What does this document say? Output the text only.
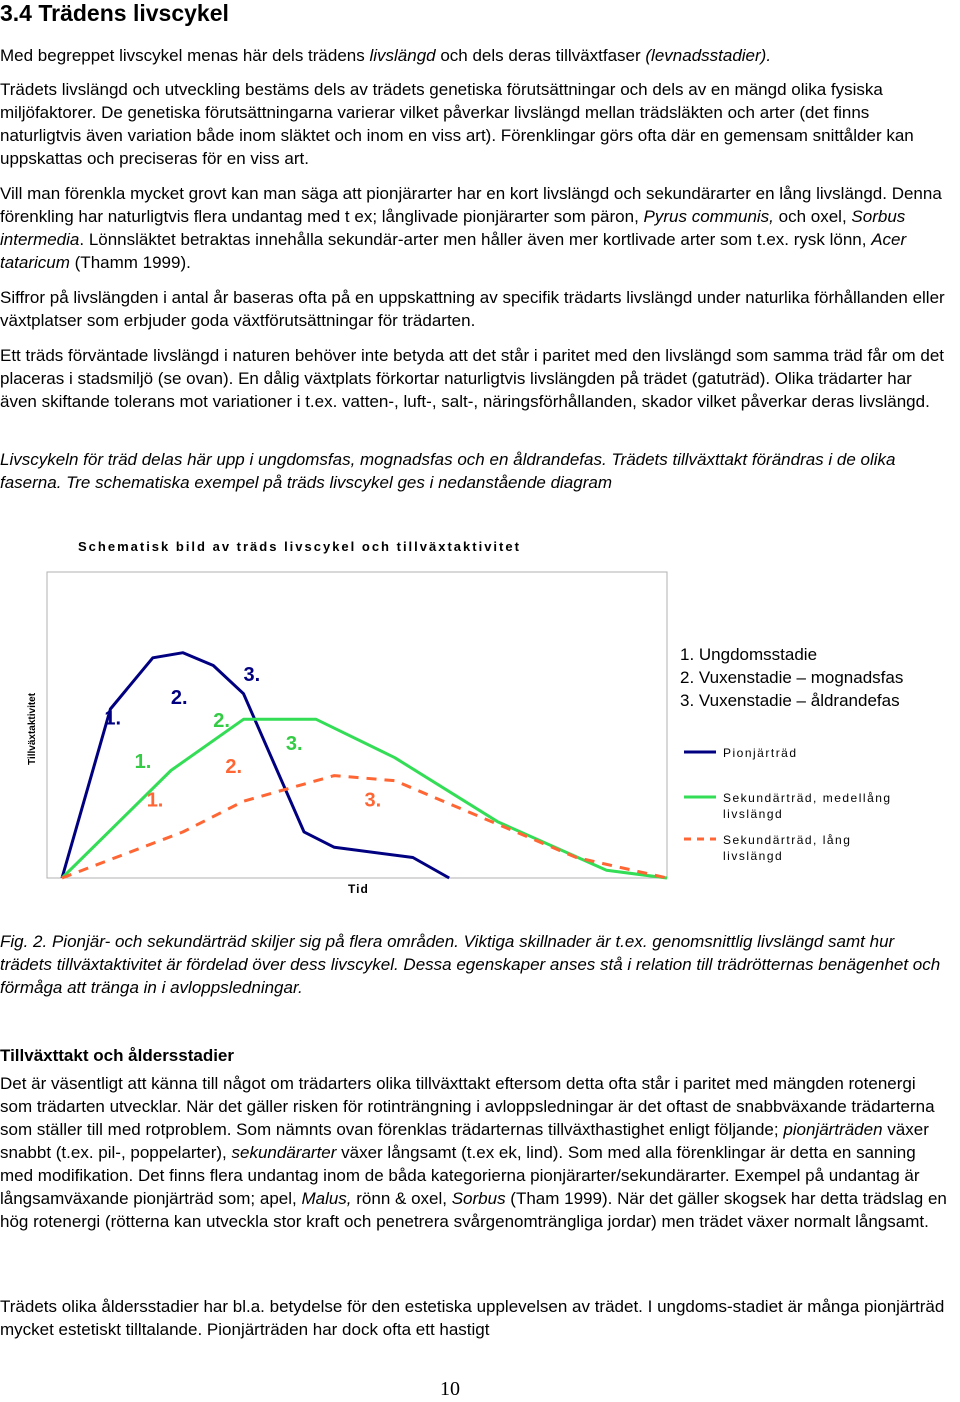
3.4 Trädens livscykel

Med begreppet livscykel menas här dels trädens livslängd och dels deras tillväxtfaser (levnadsstadier).

Trädets livslängd och utveckling bestäms dels av trädets genetiska förutsättningar och dels av en mängd olika fysiska miljöfaktorer. De genetiska förutsättningarna varierar vilket påverkar livslängd mellan trädsläkten och arter (det finns naturligtvis även variation både inom släktet och inom en viss art). Förenklingar görs ofta där en gemensam snittålder kan uppskattas och preciseras för en viss art.

Vill man förenkla mycket grovt kan man säga att pionjärarter har en kort livslängd och sekundärarter en lång livslängd. Denna förenkling har naturligtvis flera undantag med t ex; långlivade pionjärarter som päron, Pyrus communis, och oxel, Sorbus intermedia. Lönnsläktet betraktas innehålla sekundär-arter men håller även mer kortlivade arter som t.ex. rysk lönn, Acer tataricum (Thamm 1999).

Siffror på livslängden i antal år baseras ofta på en uppskattning av specifik trädarts livslängd under naturlika förhållanden eller växtplatser som erbjuder goda växtförutsättningar för trädarten.

Ett träds förväntade livslängd i naturen behöver inte betyda att det står i paritet med den livslängd som samma träd får om det placeras i stadsmiljö (se ovan). En dålig växtplats förkortar naturligtvis livslängden på trädet (gatuträd). Olika trädarter har även skiftande tolerans mot variationer i t.ex. vatten-, luft-, salt-, näringsförhållanden, skador vilket påverkar deras livslängd.

Livscykeln för träd delas här upp i ungdomsfas, mognadsfas och en åldrandefas. Trädets tillväxttakt förändras i de olika faserna. Tre schematiska exempel på träds livscykel ges i nedanstående diagram

Schematisk bild av träds livscykel och tillväxtaktivitet
Tillväxtaktivitet
Tid
1.
2.
3.
1.
2.
3.
1.
2.
3.
1. Ungdomsstadie
2. Vuxenstadie – mognadsfas
3. Vuxenstadie – åldrandefas
Pionjärträd
Sekundärträd, medellång livslängd
Sekundärträd, lång livslängd

Fig. 2. Pionjär- och sekundärträd skiljer sig på flera områden. Viktiga skillnader är t.ex. genomsnittlig livslängd samt hur trädets tillväxtaktivitet är fördelad över dess livscykel. Dessa egenskaper anses stå i relation till trädrötternas benägenhet och förmåga att tränga in i avloppsledningar.

Tillväxttakt och åldersstadier

Det är väsentligt att känna till något om trädarters olika tillväxttakt eftersom detta ofta står i paritet med mängden rotenergi som trädarten utvecklar. När det gäller risken för rotinträngning i avloppsledningar är det oftast de snabbväxande trädarterna som ställer till med rotproblem. Som nämnts ovan förenklas trädarternas tillväxthastighet enligt följande; pionjärträden växer snabbt (t.ex. pil-, poppelarter), sekundärarter växer långsamt (t.ex ek, lind). Som med alla förenklingar är detta en sanning med modifikation. Det finns flera undantag inom de båda kategorierna pionjärarter/sekundärarter. Exempel på undantag är långsamväxande pionjärträd som; apel, Malus, rönn & oxel, Sorbus (Tham 1999). När det gäller skogsek har detta trädslag en hög rotenergi (rötterna kan utveckla stor kraft och penetrera svårgenomträngliga jordar) men trädet växer normalt långsamt.

Trädets olika åldersstadier har bl.a. betydelse för den estetiska upplevelsen av trädet. I ungdoms-stadiet är många pionjärträd mycket estetiskt tilltalande. Pionjärträden har dock ofta ett hastigt

10
